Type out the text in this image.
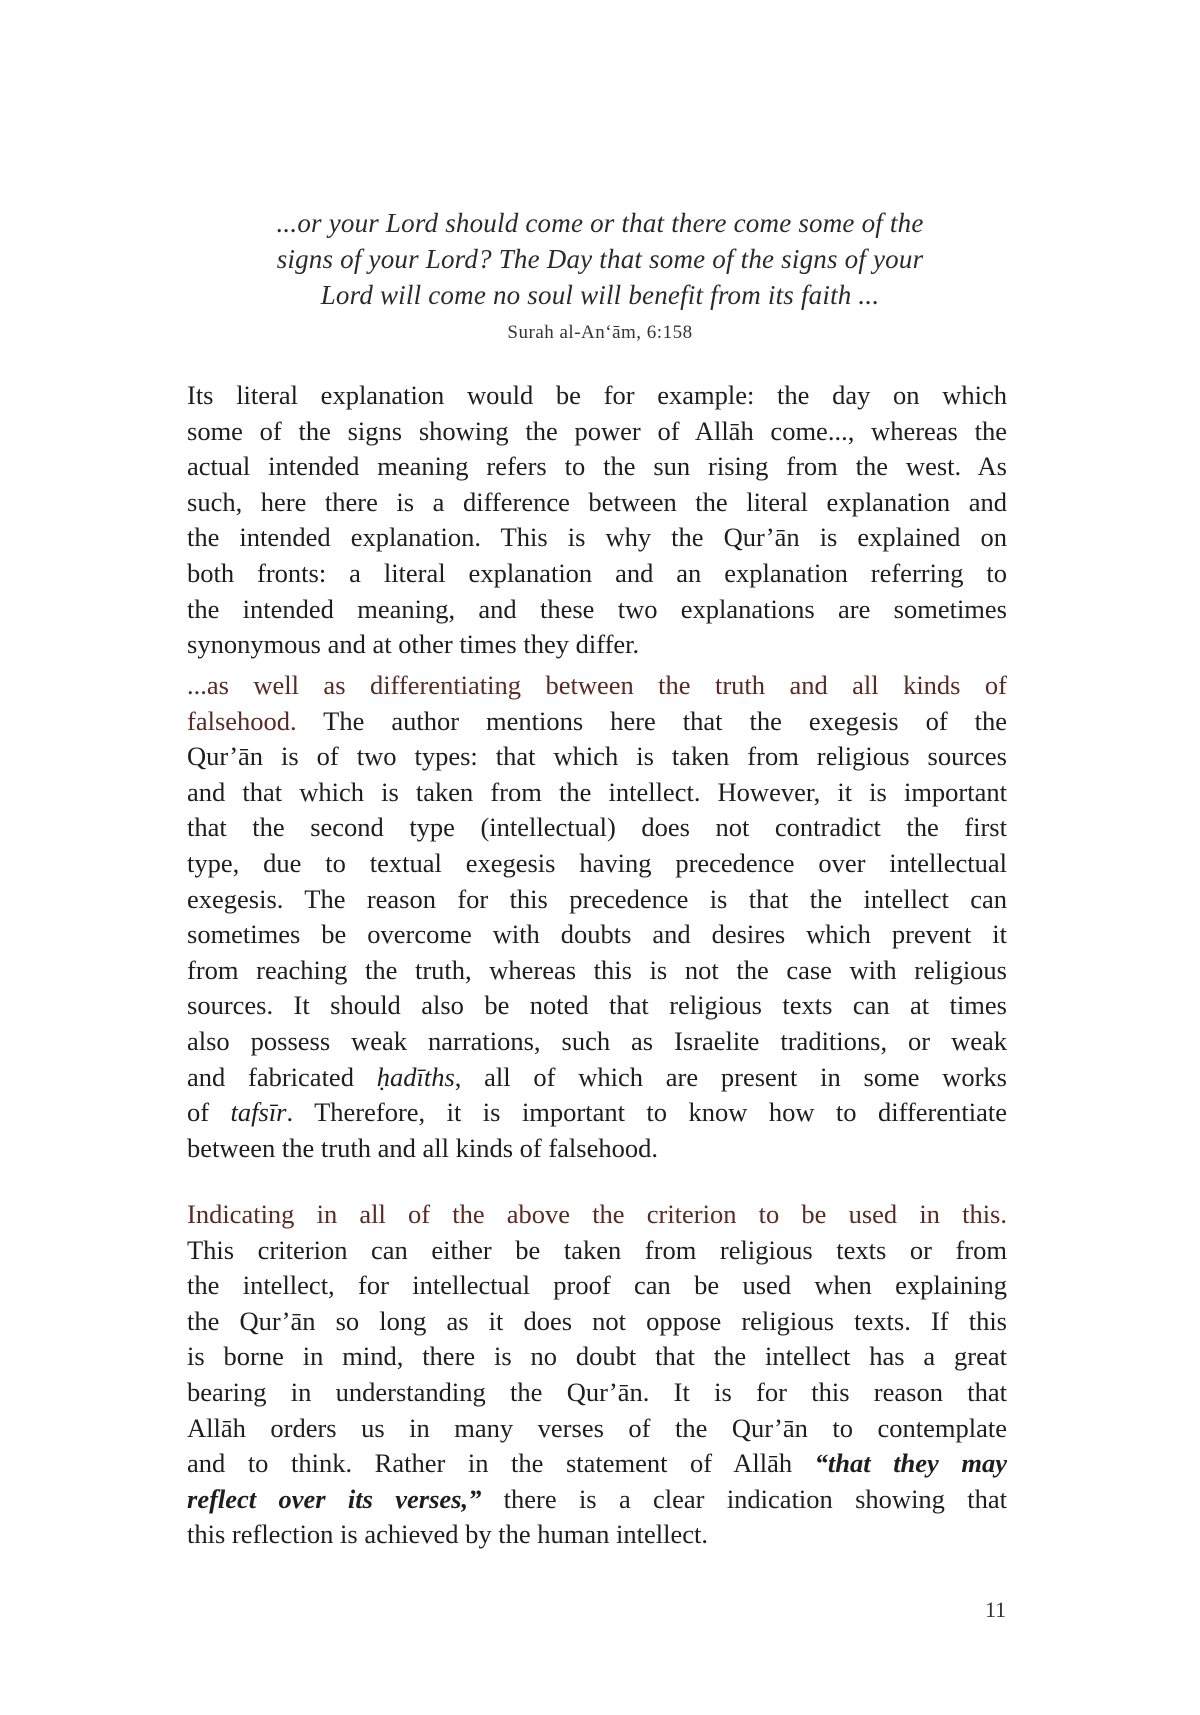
...or your Lord should come or that there come some of the
signs of your Lord? The Day that some of the signs of your
Lord will come no soul will benefit from its faith ...
Surah al-An‘ām, 6:158
Its literal explanation would be for example: the day on which
some of the signs showing the power of Allāh come..., whereas the
actual intended meaning refers to the sun rising from the west. As
such, here there is a difference between the literal explanation and
the intended explanation. This is why the Qur’ān is explained on
both fronts: a literal explanation and an explanation referring to
the intended meaning, and these two explanations are sometimes
synonymous and at other times they differ.
...as well as differentiating between the truth and all kinds of
falsehood. The author mentions here that the exegesis of the
Qur’ān is of two types: that which is taken from religious sources
and that which is taken from the intellect. However, it is important
that the second type (intellectual) does not contradict the first
type, due to textual exegesis having precedence over intellectual
exegesis. The reason for this precedence is that the intellect can
sometimes be overcome with doubts and desires which prevent it
from reaching the truth, whereas this is not the case with religious
sources. It should also be noted that religious texts can at times
also possess weak narrations, such as Israelite traditions, or weak
and fabricated ḥadīths, all of which are present in some works
of tafsīr. Therefore, it is important to know how to differentiate
between the truth and all kinds of falsehood.
Indicating in all of the above the criterion to be used in this.
This criterion can either be taken from religious texts or from
the intellect, for intellectual proof can be used when explaining
the Qur’ān so long as it does not oppose religious texts. If this
is borne in mind, there is no doubt that the intellect has a great
bearing in understanding the Qur’ān. It is for this reason that
Allāh orders us in many verses of the Qur’ān to contemplate
and to think. Rather in the statement of Allāh “that they may
reflect over its verses,” there is a clear indication showing that
this reflection is achieved by the human intellect.
11
